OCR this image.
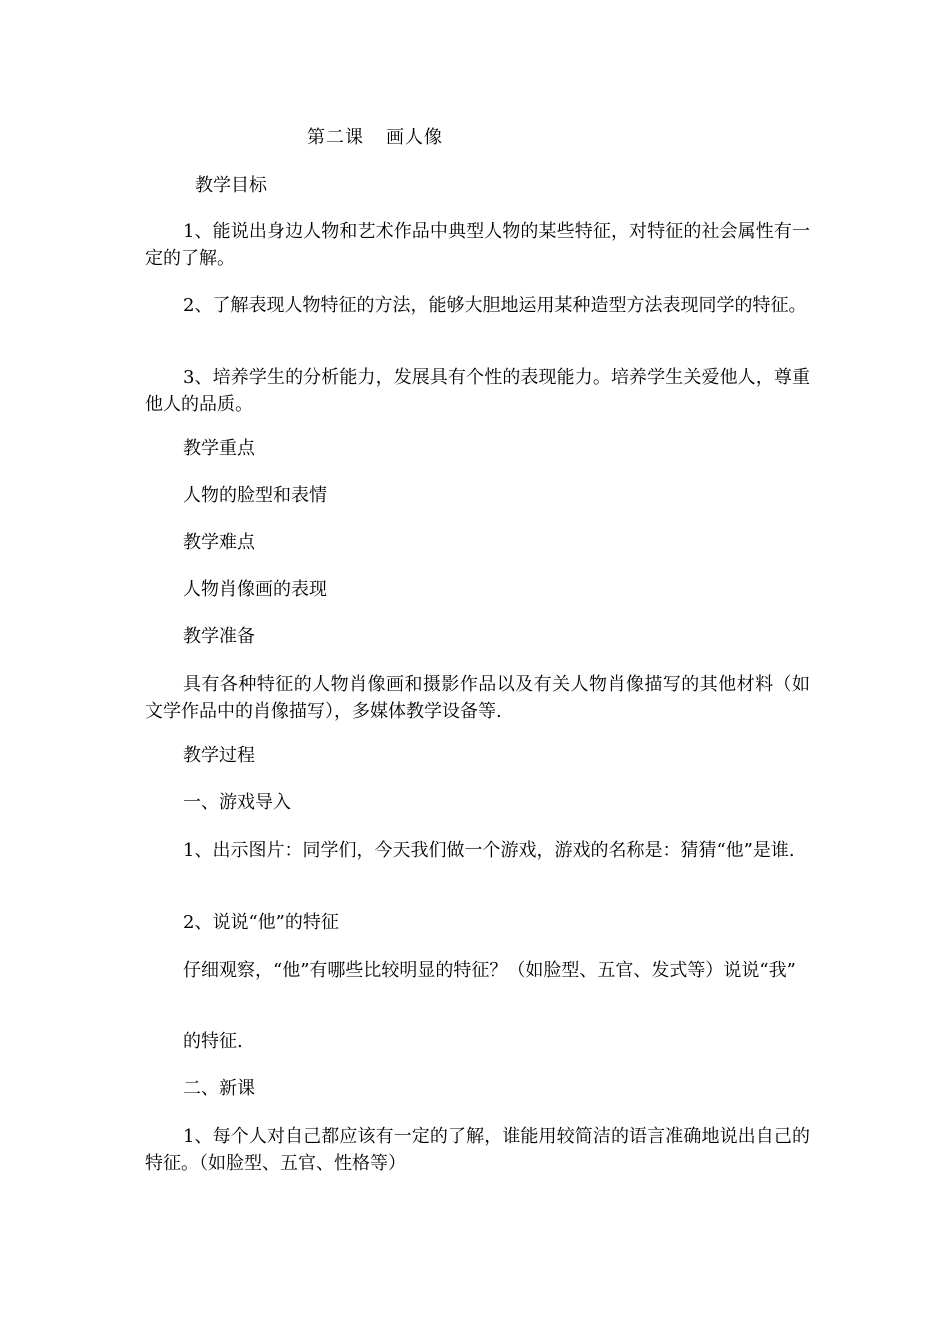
第二课 画人像
教学目标
1、能说出身边人物和艺术作品中典型人物的某些特征，对特征的社会属性有一定的了解。
2、了解表现人物特征的方法，能够大胆地运用某种造型方法表现同学的特征。
3、培养学生的分析能力，发展具有个性的表现能力。培养学生关爱他人，尊重他人的品质。
教学重点
人物的脸型和表情
教学难点
人物肖像画的表现
教学准备
具有各种特征的人物肖像画和摄影作品以及有关人物肖像描写的其他材料（如文学作品中的肖像描写），多媒体教学设备等.
教学过程
一、游戏导入
1、出示图片：同学们，今天我们做一个游戏，游戏的名称是：猜猜“他”是谁.
2、说说“他”的特征
仔细观察，“他”有哪些比较明显的特征？（如脸型、五官、发式等）说说“我”
的特征.
二、新课
1、每个人对自己都应该有一定的了解，谁能用较简洁的语言准确地说出自己的特征。（如脸型、五官、性格等）
